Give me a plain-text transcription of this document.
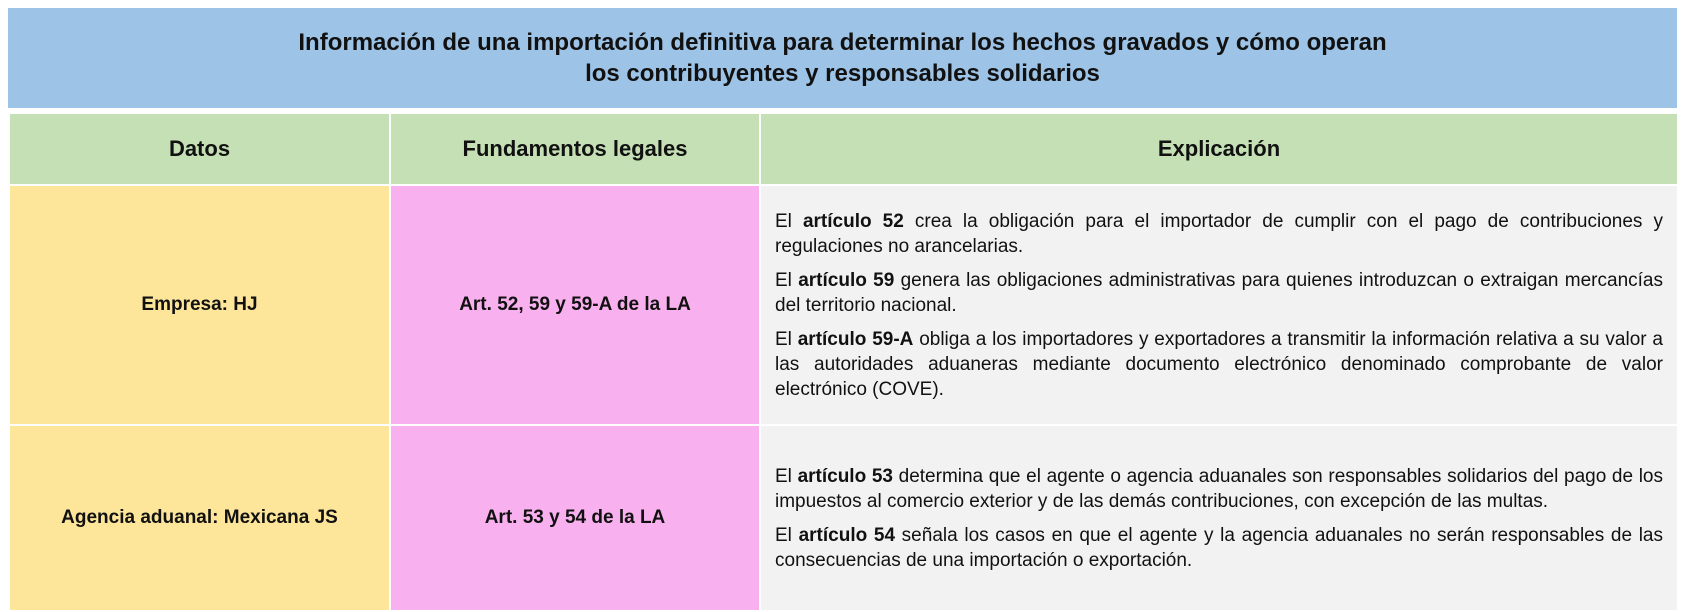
Información de una importación definitiva para determinar los hechos gravados y cómo operan
los contribuyentes y responsables solidarios
Datos	Fundamentos legales	Explicación
Empresa: HJ	Art. 52, 59 y 59-A de la LA	El artículo 52 crea la obligación para el importador de cumplir con el pago de contribuciones y regulaciones no arancelarias.

El artículo 59 genera las obligaciones administrativas para quienes introduzcan o extraigan mercancías del territorio nacional.

El artículo 59-A obliga a los importadores y exportadores a transmitir la información relativa a su valor a las autoridades aduaneras mediante documento electrónico denominado comprobante de valor electrónico (COVE).

Agencia aduanal: Mexicana JS	Art. 53 y 54 de la LA	El artículo 53 determina que el agente o agencia aduanales son responsables solidarios del pago de los impuestos al comercio exterior y de las demás contribuciones, con excepción de las multas.

El artículo 54 señala los casos en que el agente y la agencia aduanales no serán responsables de las consecuencias de una importación o exportación.
